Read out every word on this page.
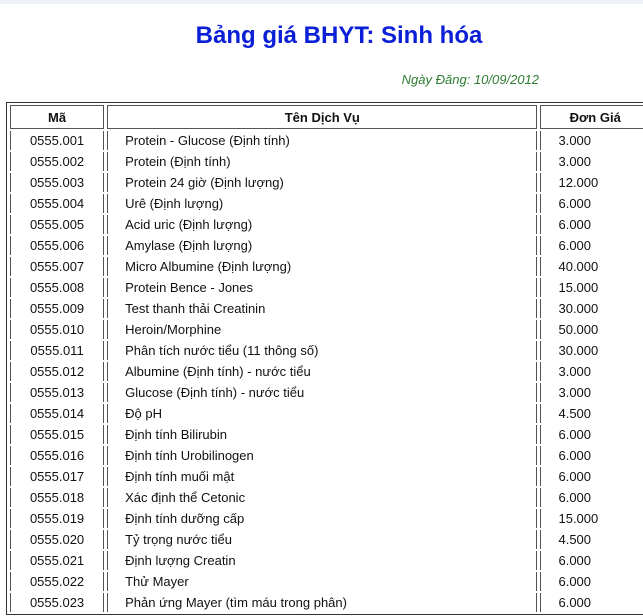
Bảng giá BHYT: Sinh hóa
Ngày Đăng: 10/09/2012
Mã	Tên Dịch Vụ	Đơn Giá
0555.001	Protein - Glucose (Định tính)	3.000
0555.002	Protein (Định tính)	3.000
0555.003	Protein 24 giờ (Định lượng)	12.000
0555.004	Urê (Định lượng)	6.000
0555.005	Acid uric (Định lượng)	6.000
0555.006	Amylase (Định lượng)	6.000
0555.007	Micro Albumine (Định lượng)	40.000
0555.008	Protein Bence - Jones	15.000
0555.009	Test thanh thải Creatinin	30.000
0555.010	Heroin/Morphine	50.000
0555.011	Phân tích nước tiểu (11 thông số)	30.000
0555.012	Albumine (Định tính) - nước tiểu	3.000
0555.013	Glucose (Định tính) - nước tiểu	3.000
0555.014	Độ pH	4.500
0555.015	Định tính Bilirubin	6.000
0555.016	Định tính Urobilinogen	6.000
0555.017	Định tính muối mật	6.000
0555.018	Xác định thể Cetonic	6.000
0555.019	Định tính dưỡng cấp	15.000
0555.020	Tỷ trọng nước tiểu	4.500
0555.021	Định lượng Creatin	6.000
0555.022	Thử Mayer	6.000
0555.023	Phản ứng Mayer (tìm máu trong phân)	6.000
